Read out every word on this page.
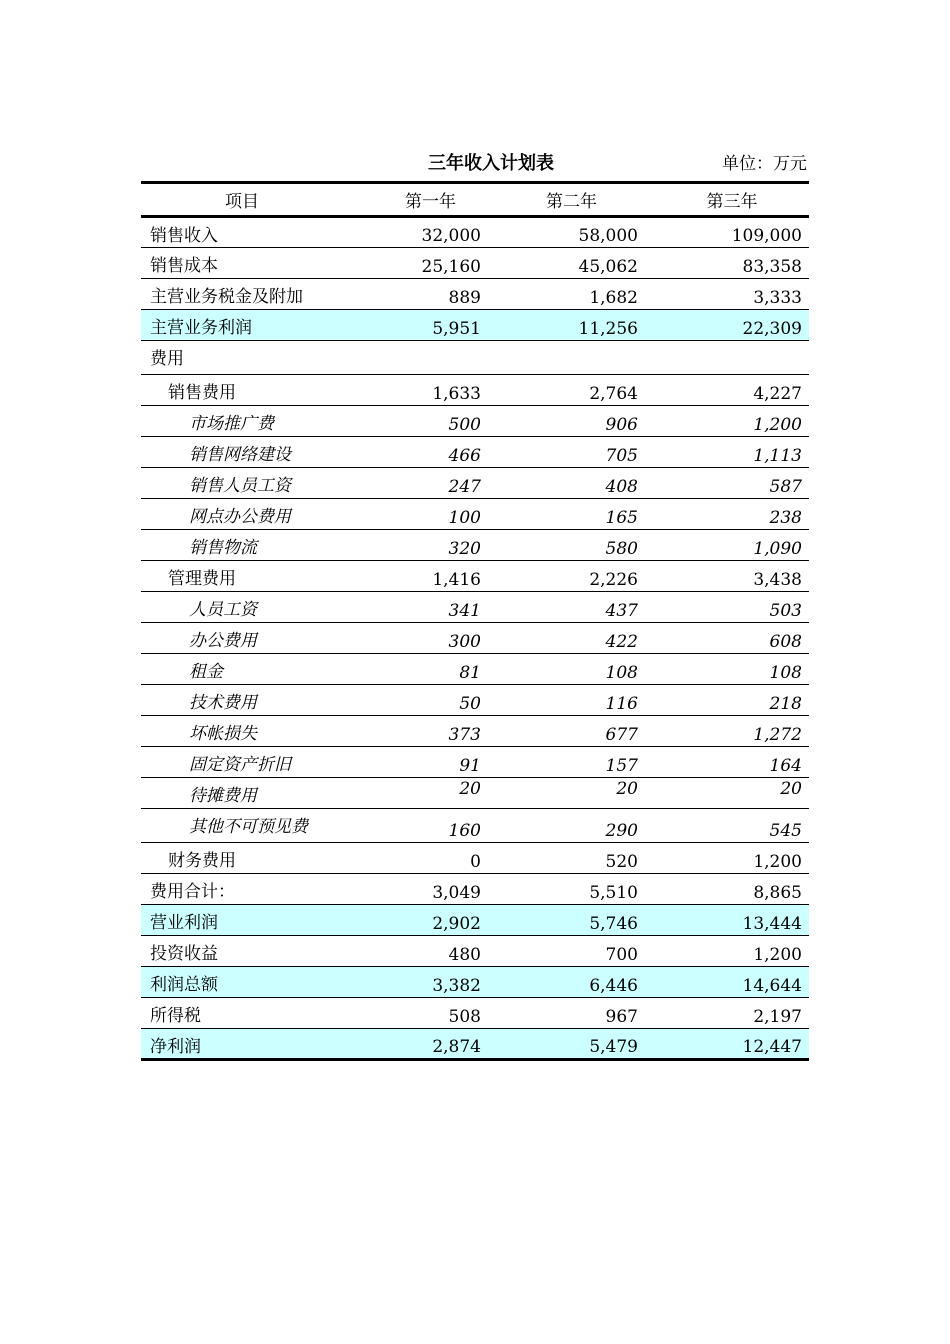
三年收入计划表	单位：万元
项目	第一年	第二年	第三年
销售收入	32,000	58,000	109,000
销售成本	25,160	45,062	83,358
主营业务税金及附加	889	1,682	3,333
主营业务利润	5,951	11,256	22,309
费用			
销售费用	1,633	2,764	4,227
市场推广费	500	906	1,200
销售网络建设	466	705	1,113
销售人员工资	247	408	587
网点办公费用	100	165	238
销售物流	320	580	1,090
管理费用	1,416	2,226	3,438
人员工资	341	437	503
办公费用	300	422	608
租金	81	108	108
技术费用	50	116	218
坏帐损失	373	677	1,272
固定资产折旧	91	157	164
待摊费用	20	20	20
其他不可预见费	160	290	545
财务费用	0	520	1,200
费用合计：	3,049	5,510	8,865
营业利润	2,902	5,746	13,444
投资收益	480	700	1,200
利润总额	3,382	6,446	14,644
所得税	508	967	2,197
净利润	2,874	5,479	12,447
